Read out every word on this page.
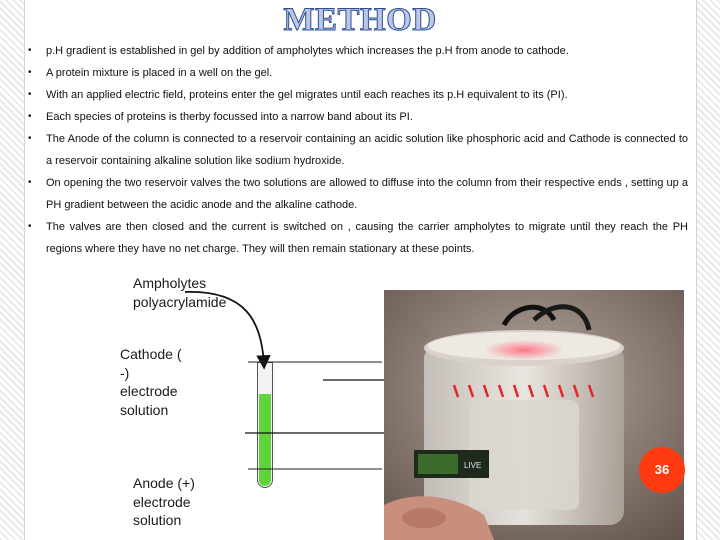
METHOD
• p.H gradient is established in gel by addition of ampholytes which increases the p.H from anode to cathode.
• A protein mixture is placed in a well on the gel.
• With an applied electric field, proteins enter the gel migrates until each reaches its p.H equivalent to its (PI).
• Each species of proteins is therby focussed into a narrow band about its PI.
• The Anode of the column is connected to a reservoir containing an acidic solution like phosphoric acid and Cathode is connected to a reservoir containing alkaline solution like sodium hydroxide.
• On opening the two reservoir valves the two solutions are allowed to diffuse into the column from their respective ends , setting up a PH gradient between the acidic anode and the alkaline cathode.
• The valves are then closed and the current is switched on , causing the carrier ampholytes to migrate until they reach the PH regions where they have no net charge. They will then remain stationary at these points.
Ampholytes
polyacrylamide
Cathode (
-)
electrode
solution
Anode (+)
electrode
solution
LIVE	36
